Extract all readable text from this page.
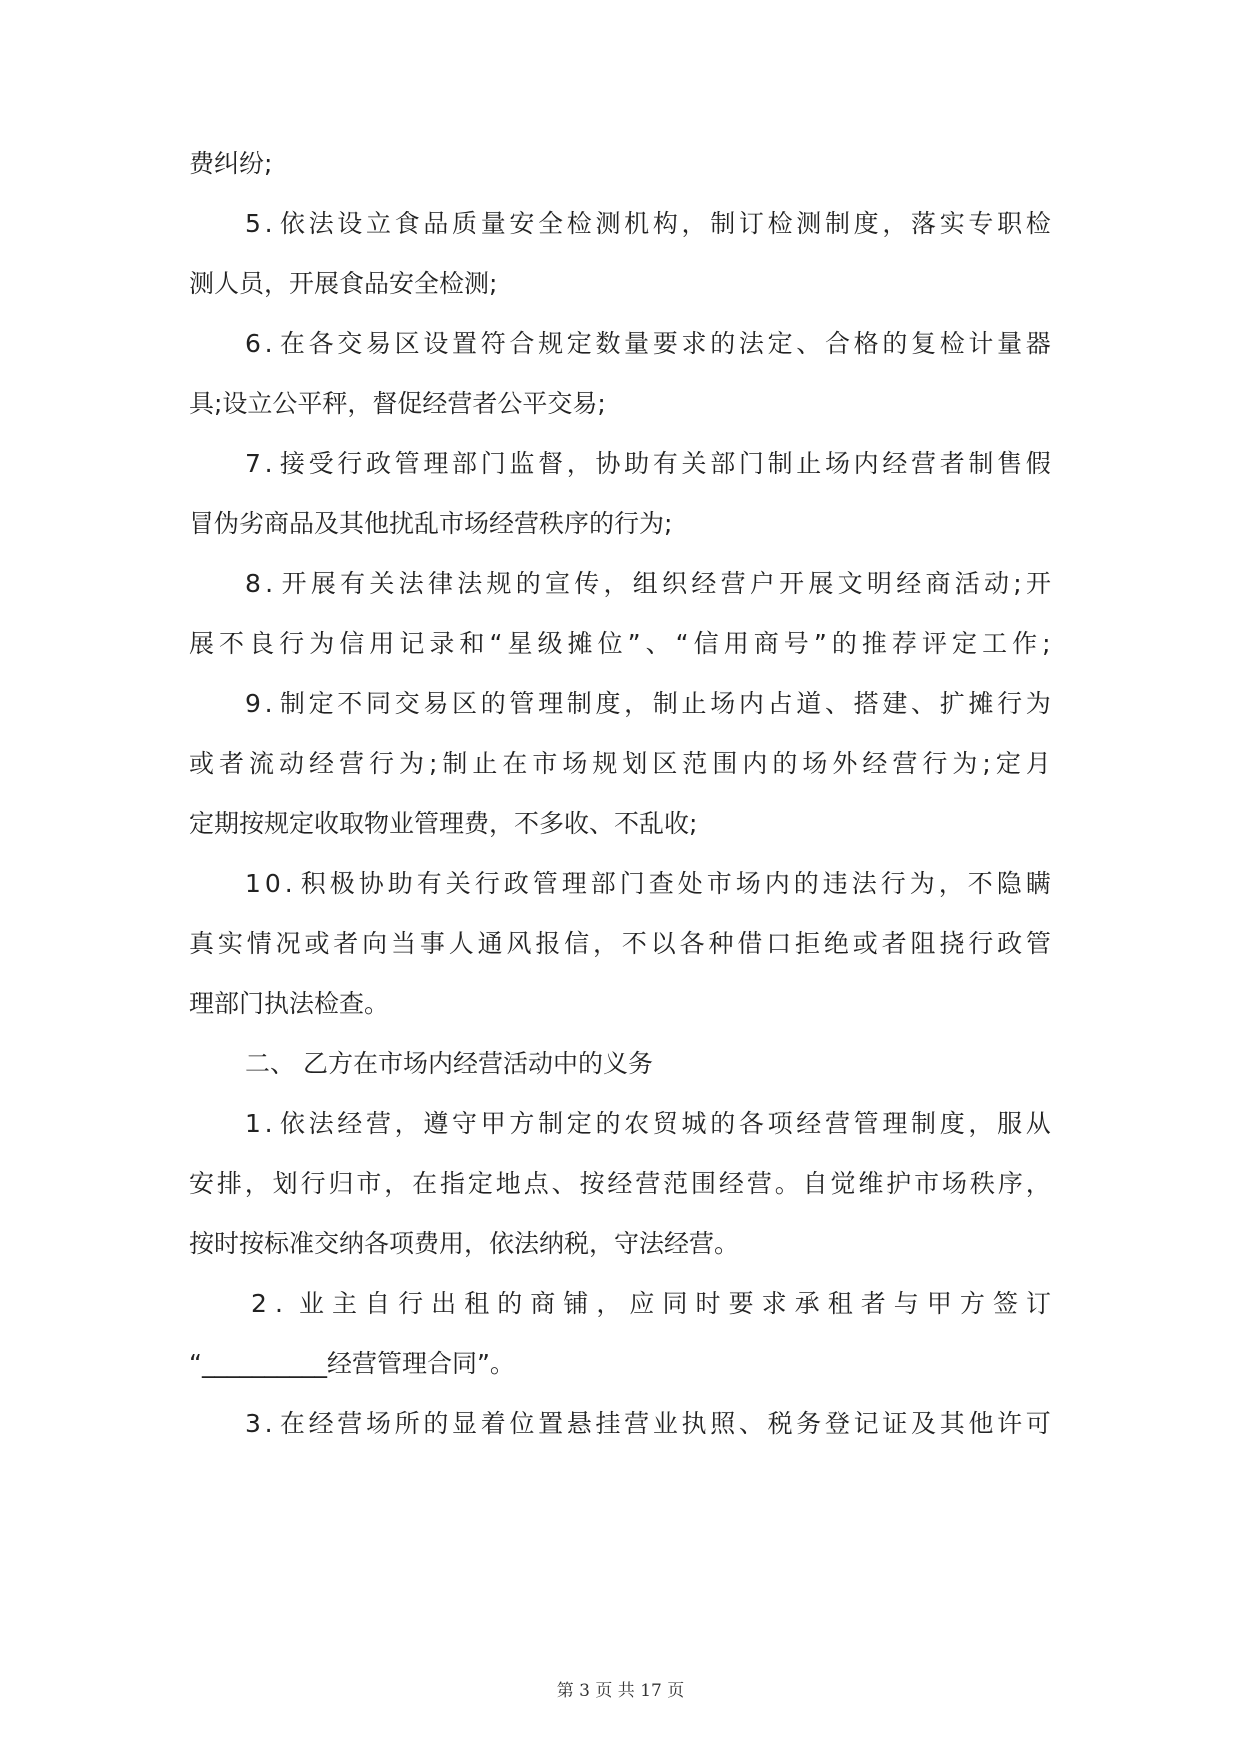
费纠纷;

5 . 依 法 设 立 食 品 质 量 安 全 检 测 机 构 ， 制 订 检 测 制 度 ， 落 实 专 职 检

测人员，开展食品安全检测;

6 . 在 各 交 易 区 设 置 符 合 规 定 数 量 要 求 的 法 定 、 合 格 的 复 检 计 量 器

具;设立公平秤，督促经营者公平交易;

7 . 接 受 行 政 管 理 部 门 监 督 ， 协 助 有 关 部 门 制 止 场 内 经 营 者 制 售 假

冒伪劣商品及其他扰乱市场经营秩序的行为;

8 . 开 展 有 关 法 律 法 规 的 宣 传 ， 组 织 经 营 户 开 展 文 明 经 商 活 动 ; 开

展 不 良 行 为 信 用 记 录 和 “ 星 级 摊 位 ” 、 “ 信 用 商 号 ” 的 推 荐 评 定 工 作 ;

9 . 制 定 不 同 交 易 区 的 管 理 制 度 ， 制 止 场 内 占 道 、 搭 建 、 扩 摊 行 为

或 者 流 动 经 营 行 为 ; 制 止 在 市 场 规 划 区 范 围 内 的 场 外 经 营 行 为 ; 定 月

定期按规定收取物业管理费，不多收、不乱收;

1 0 . 积 极 协 助 有 关 行 政 管 理 部 门 查 处 市 场 内 的 违 法 行 为 ， 不 隐 瞒

真 实 情 况 或 者 向 当 事 人 通 风 报 信 ， 不 以 各 种 借 口 拒 绝 或 者 阻 挠 行 政 管

理部门执法检查。

二、 乙方在市场内经营活动中的义务

1 . 依 法 经 营 ， 遵 守 甲 方 制 定 的 农 贸 城 的 各 项 经 营 管 理 制 度 ， 服 从

安 排 ， 划 行 归 市 ， 在 指 定 地 点 、 按 经 营 范 围 经 营 。 自 觉 维 护 市 场 秩 序 ，

按时按标准交纳各项费用，依法纳税，守法经营。

2 . 业 主 自 行 出 租 的 商 铺 ， 应 同 时 要 求 承 租 者 与 甲 方 签 订

“__________经营管理合同”。

3 . 在 经 营 场 所 的 显 着 位 置 悬 挂 营 业 执 照 、 税 务 登 记 证 及 其 他 许 可

第 3 页 共 17 页
